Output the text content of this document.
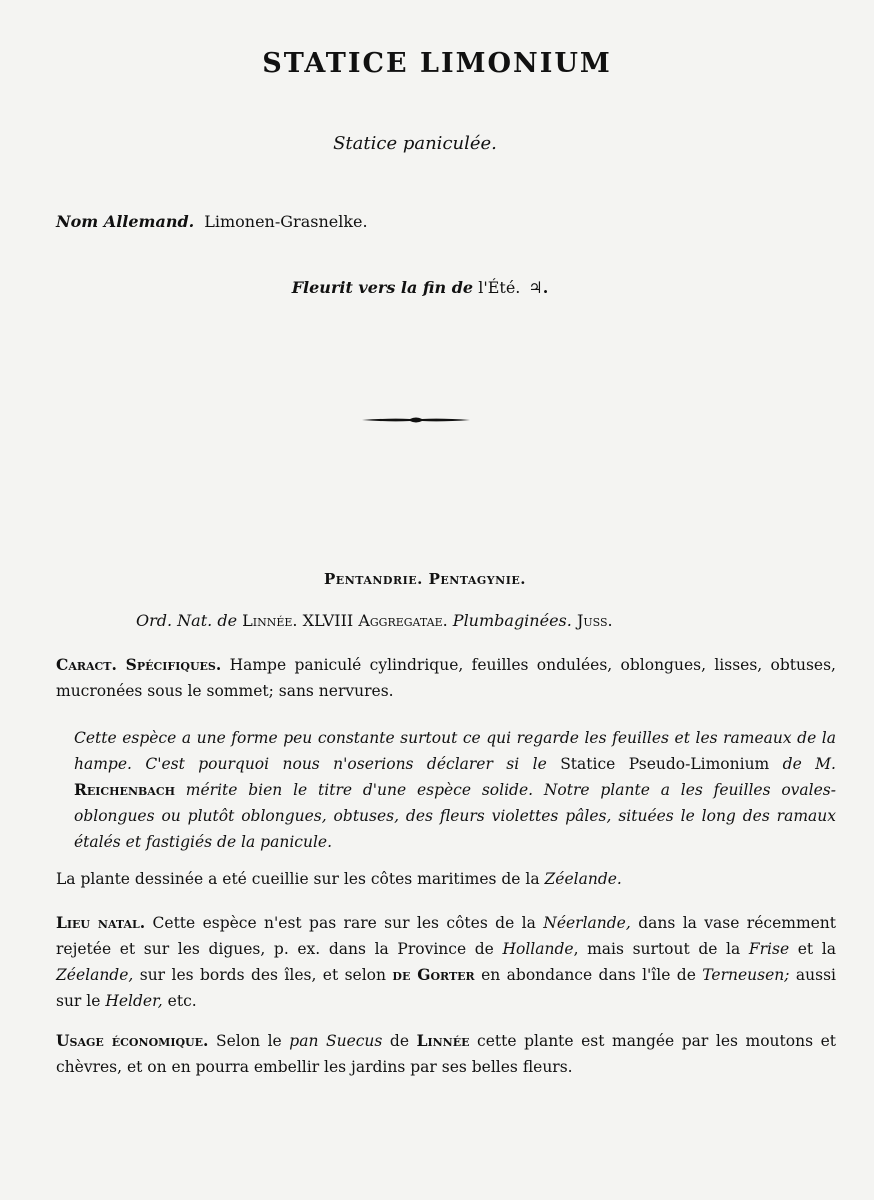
STATICE LIMONIUM
Statice paniculée.
Nom Allemand. Limonen-Grasnelke.
Fleurit vers la fin de l'Été. ♃.
Pentandrie. Pentagynie.
Ord. Nat. de Linnée. XLVIII Aggregatae. Plumbaginées. Juss.
Caract. Spécifiques. Hampe paniculé cylindrique, feuilles ondulées, oblongues, lisses, obtuses, mucronées sous le sommet; sans nervures.
Cette espèce a une forme peu constante surtout ce qui regarde les feuilles et les rameaux de la hampe. C'est pourquoi nous n'oserions déclarer si le Statice Pseudo-Limonium de M. Reichenbach mérite bien le titre d'une espèce solide. Notre plante a les feuilles ovales-oblongues ou plutôt oblongues, obtuses, des fleurs violettes pâles, situées le long des ramaux étalés et fastigiés de la panicule.
La plante dessinée a eté cueillie sur les côtes maritimes de la Zéelande.
Lieu natal. Cette espèce n'est pas rare sur les côtes de la Néerlande, dans la vase récemment rejetée et sur les digues, p. ex. dans la Province de Hollande, mais surtout de la Frise et la Zéelande, sur les bords des îles, et selon de Gorter en abondance dans l'île de Terneusen; aussi sur le Helder, etc.
Usage économique. Selon le pan Suecus de Linnée cette plante est mangée par les moutons et chèvres, et on en pourra embellir les jardins par ses belles fleurs.
